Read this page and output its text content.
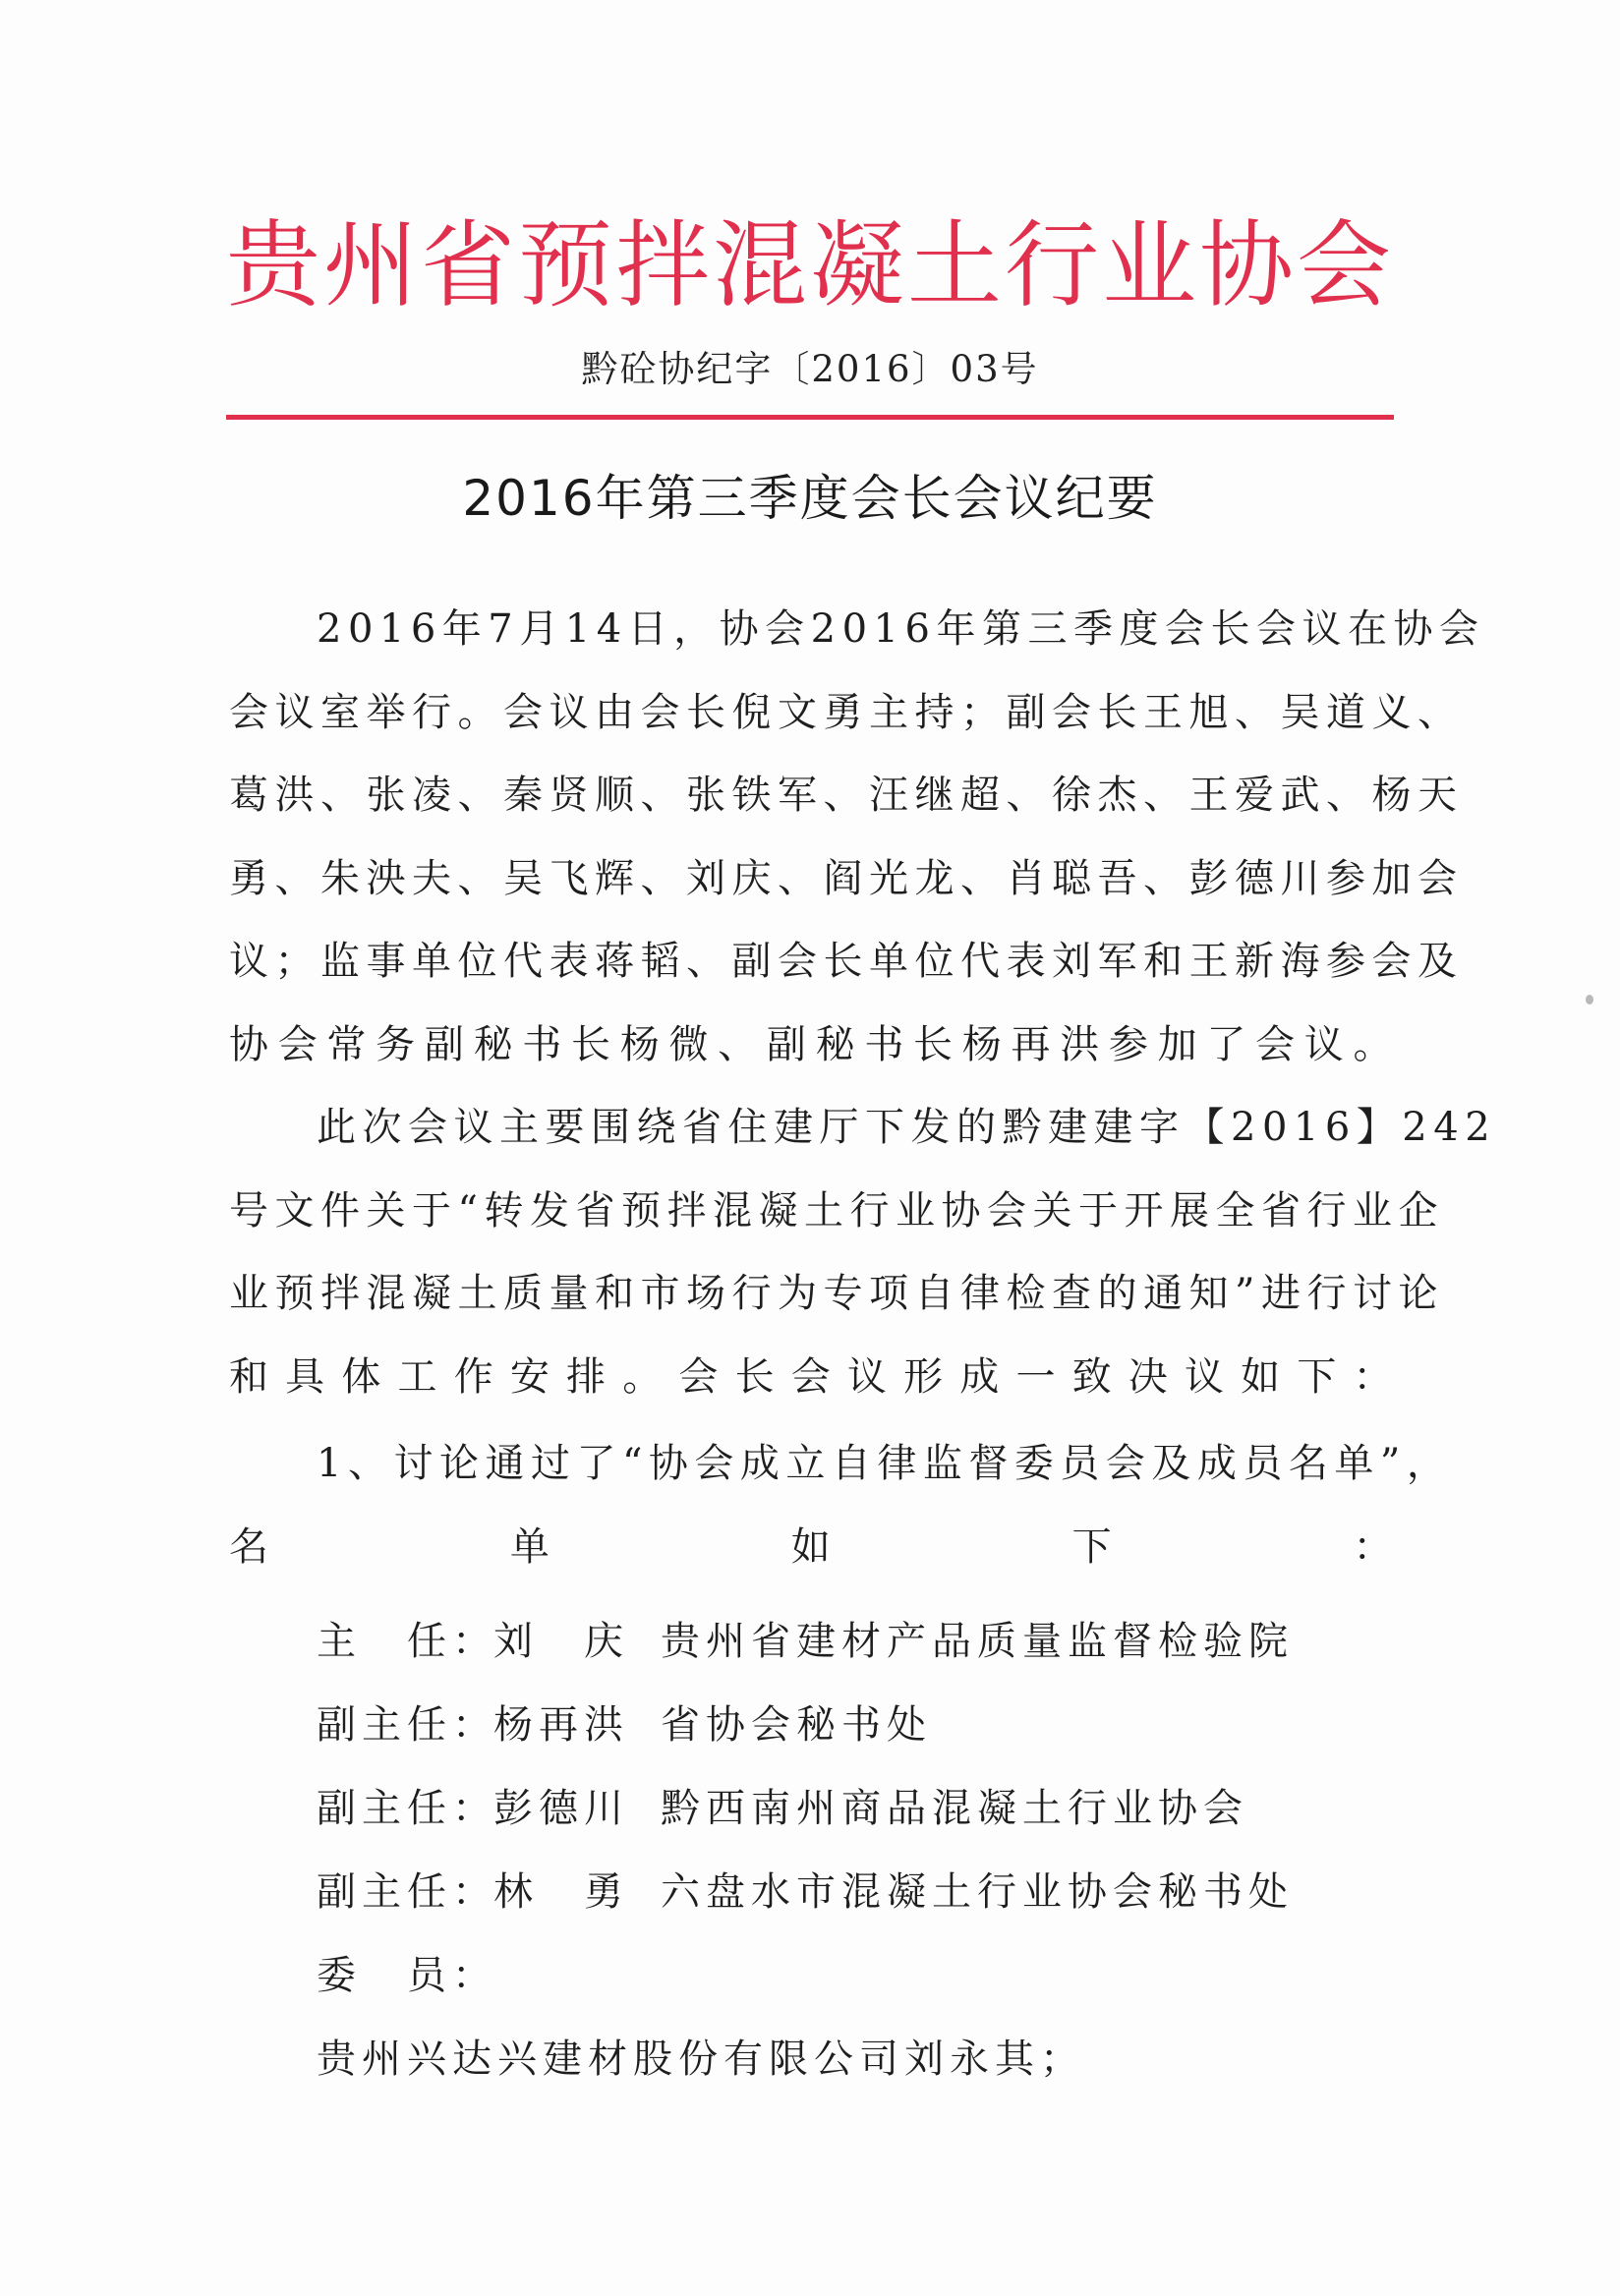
贵州省预拌混凝土行业协会
黔砼协纪字〔2016〕03号
2016年第三季度会长会议纪要
2016年7月14日，协会2016年第三季度会长会议在协会
会议室举行。会议由会长倪文勇主持；副会长王旭、吴道义、
葛洪、张凌、秦贤顺、张铁军、汪继超、徐杰、王爱武、杨天
勇、朱泱夫、吴飞辉、刘庆、阎光龙、肖聪吾、彭德川参加会
议；监事单位代表蒋韬、副会长单位代表刘军和王新海参会及
协会常务副秘书长杨微、副秘书长杨再洪参加了会议。
此次会议主要围绕省住建厅下发的黔建建字【2016】242
号文件关于“转发省预拌混凝土行业协会关于开展全省行业企
业预拌混凝土质量和市场行为专项自律检查的通知”进行讨论
和具体工作安排。会长会议形成一致决议如下：
1、讨论通过了“协会成立自律监督委员会及成员名单”，
名单如下：
主　任：刘　庆 贵州省建材产品质量监督检验院
副主任：杨再洪 省协会秘书处
副主任：彭德川 黔西南州商品混凝土行业协会
副主任：林　勇 六盘水市混凝土行业协会秘书处
委　员：
贵州兴达兴建材股份有限公司刘永其；
